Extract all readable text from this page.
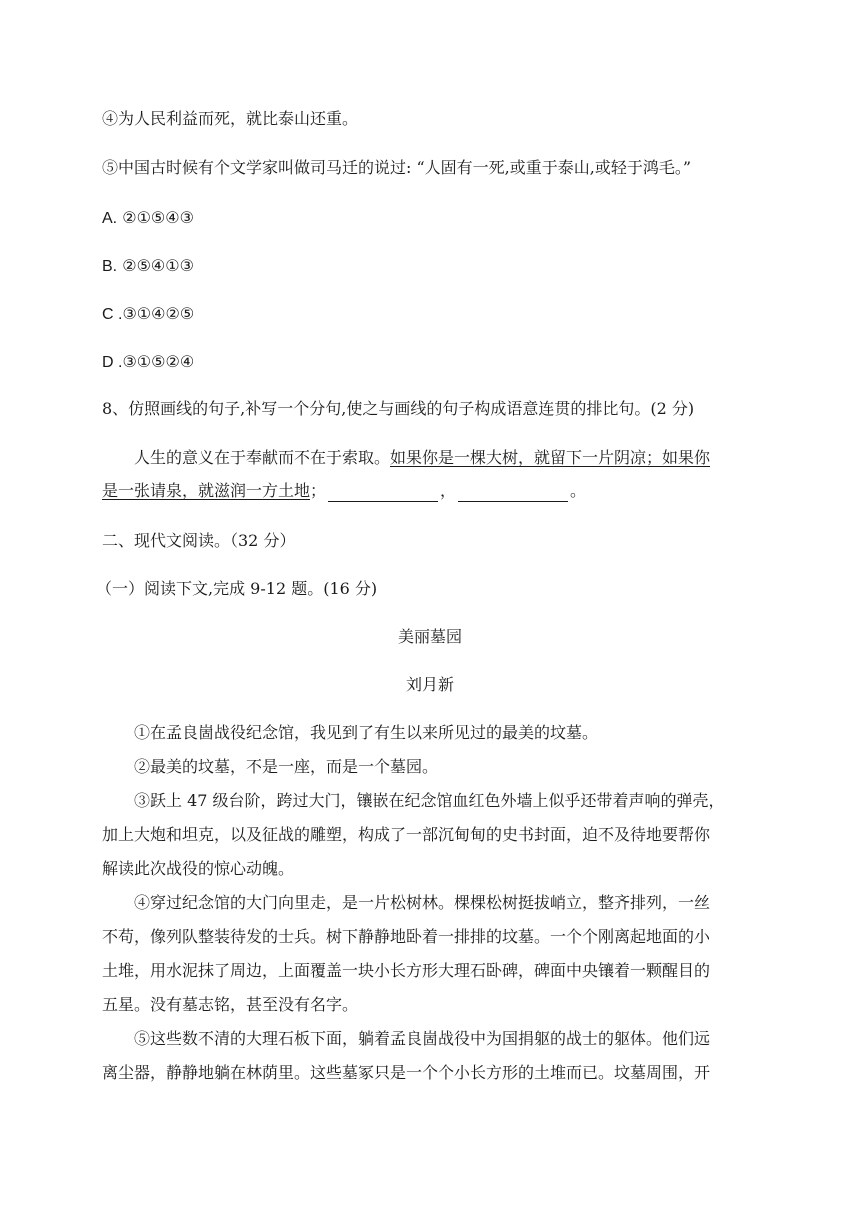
④为人民利益而死，就比泰山还重。
⑤中国古时候有个文学家叫做司马迁的说过: “人固有一死,或重于泰山,或轻于鸿毛。”
A. ②①⑤④③
B. ②⑤④①③
C .③①④②⑤
D .③①⑤②④
8、仿照画线的句子,补写一个分句,使之与画线的句子构成语意连贯的排比句。(2 分)
人生的意义在于奉献而不在于索取。如果你是一棵大树，就留下一片阴凉；如果你
是一张请泉，就滋润一方土地；	，	。
二、现代文阅读。（32 分）
（一）阅读下文,完成 9-12 题。(16 分)
美丽墓园
刘月新
①在孟良崮战役纪念馆，我见到了有生以来所见过的最美的坟墓。
②最美的坟墓，不是一座，而是一个墓园。
③跃上 47 级台阶，跨过大门，镶嵌在纪念馆血红色外墙上似乎还带着声响的弹壳，
加上大炮和坦克，以及征战的雕塑，构成了一部沉甸甸的史书封面，迫不及待地要帮你
解读此次战役的惊心动魄。
④穿过纪念馆的大门向里走，是一片松树林。棵棵松树挺拔峭立，整齐排列，一丝
不苟，像列队整装待发的士兵。树下静静地卧着一排排的坟墓。一个个刚离起地面的小
土堆，用水泥抹了周边，上面覆盖一块小长方形大理石卧碑，碑面中央镶着一颗醒目的
五星。没有墓志铭，甚至没有名字。
⑤这些数不清的大理石板下面，躺着孟良崮战役中为国捐躯的战士的躯体。他们远
离尘器，静静地躺在林荫里。这些墓冢只是一个个小长方形的土堆而已。坟墓周围，开
